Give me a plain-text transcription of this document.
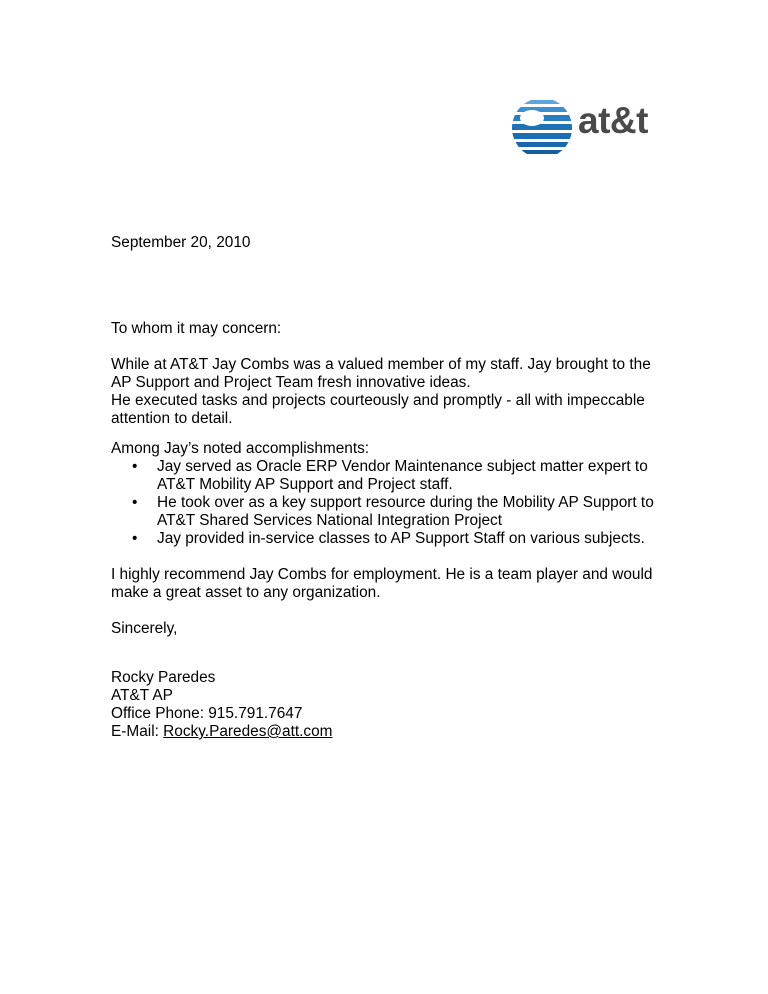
at&t
September 20, 2010
To whom it may concern:
While at AT&T Jay Combs was a valued member of my staff. Jay brought to the
AP Support and Project Team fresh innovative ideas.
He executed tasks and projects courteously and promptly - all with impeccable
attention to detail.
Among Jay’s noted accomplishments:
• Jay served as Oracle ERP Vendor Maintenance subject matter expert to
AT&T Mobility AP Support and Project staff.
• He took over as a key support resource during the Mobility AP Support to
AT&T Shared Services National Integration Project
• Jay provided in-service classes to AP Support Staff on various subjects.
I highly recommend Jay Combs for employment. He is a team player and would
make a great asset to any organization.
Sincerely,
Rocky Paredes
AT&T AP
Office Phone: 915.791.7647
E-Mail: Rocky.Paredes@att.com
